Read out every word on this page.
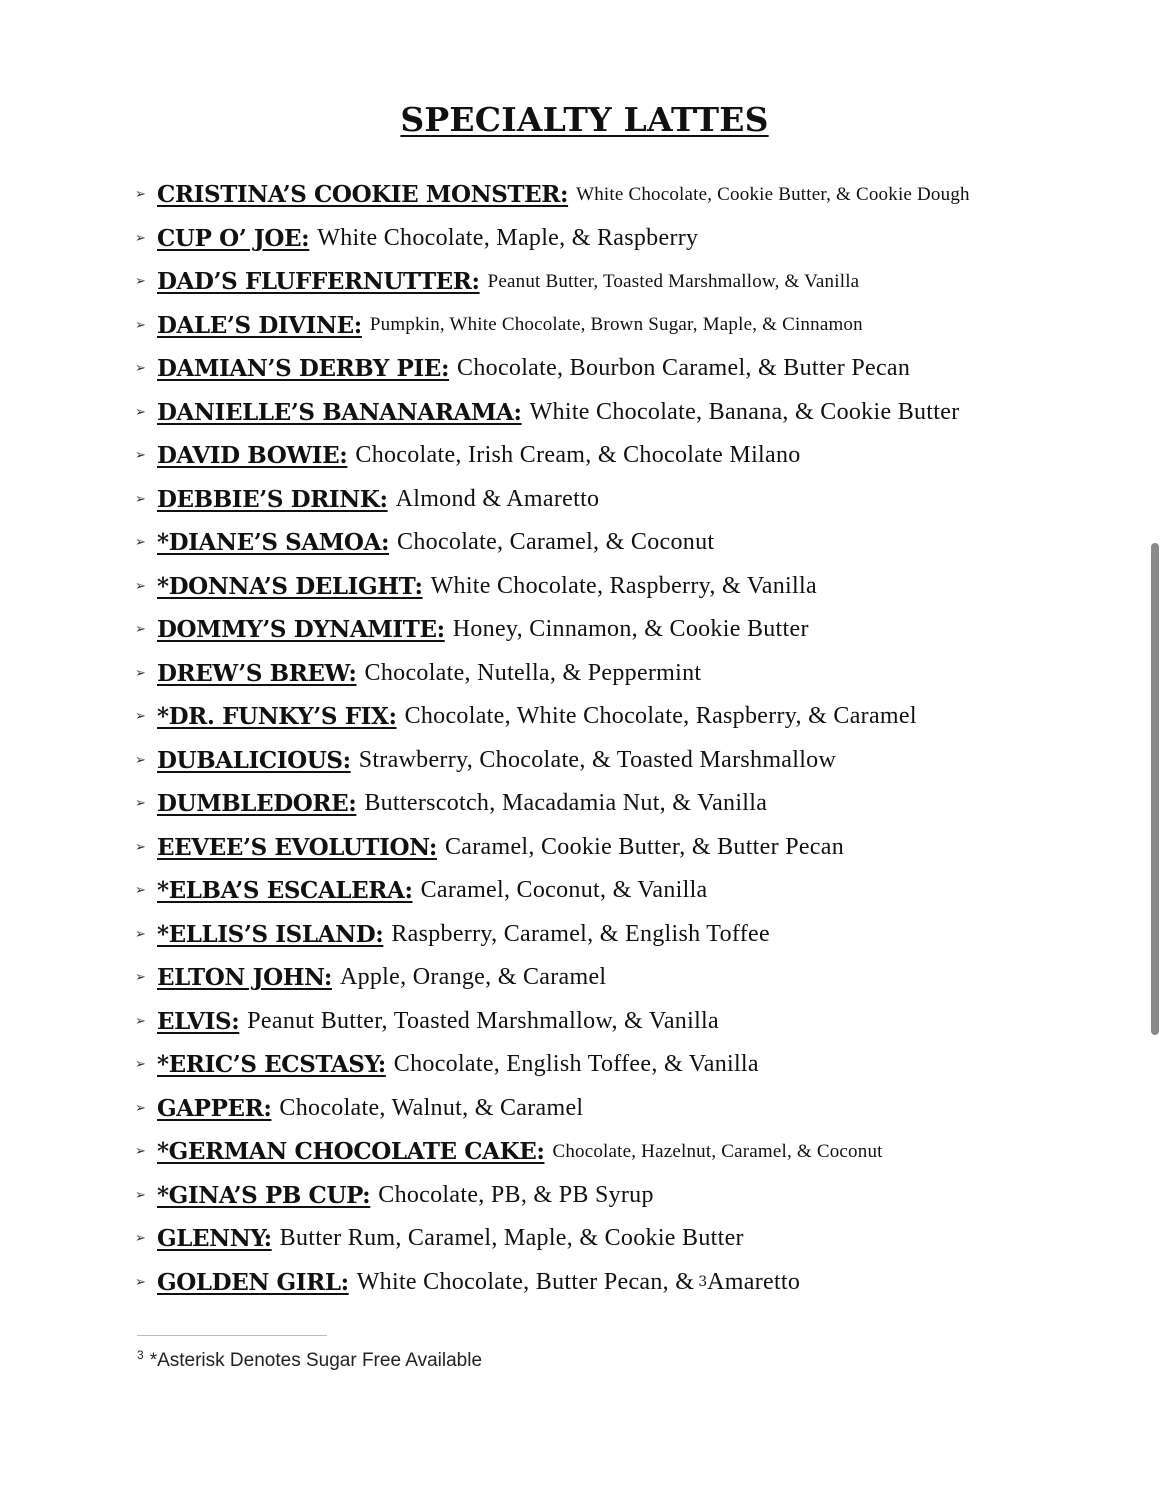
SPECIALTY LATTES
➢ CRISTINA’S COOKIE MONSTER: White Chocolate, Cookie Butter, & Cookie Dough
➢ CUP O’ JOE: White Chocolate, Maple, & Raspberry
➢ DAD’S FLUFFERNUTTER: Peanut Butter, Toasted Marshmallow, & Vanilla
➢ DALE’S DIVINE: Pumpkin, White Chocolate, Brown Sugar, Maple, & Cinnamon
➢ DAMIAN’S DERBY PIE: Chocolate, Bourbon Caramel, & Butter Pecan
➢ DANIELLE’S BANANARAMA: White Chocolate, Banana, & Cookie Butter
➢ DAVID BOWIE: Chocolate, Irish Cream, & Chocolate Milano
➢ DEBBIE’S DRINK: Almond & Amaretto
➢ *DIANE’S SAMOA: Chocolate, Caramel, & Coconut
➢ *DONNA’S DELIGHT: White Chocolate, Raspberry, & Vanilla
➢ DOMMY’S DYNAMITE: Honey, Cinnamon, & Cookie Butter
➢ DREW’S BREW: Chocolate, Nutella, & Peppermint
➢ *DR. FUNKY’S FIX: Chocolate, White Chocolate, Raspberry, & Caramel
➢ DUBALICIOUS: Strawberry, Chocolate, & Toasted Marshmallow
➢ DUMBLEDORE: Butterscotch, Macadamia Nut, & Vanilla
➢ EEVEE’S EVOLUTION: Caramel, Cookie Butter, & Butter Pecan
➢ *ELBA’S ESCALERA: Caramel, Coconut, & Vanilla
➢ *ELLIS’S ISLAND: Raspberry, Caramel, & English Toffee
➢ ELTON JOHN: Apple, Orange, & Caramel
➢ ELVIS: Peanut Butter, Toasted Marshmallow, & Vanilla
➢ *ERIC’S ECSTASY: Chocolate, English Toffee, & Vanilla
➢ GAPPER: Chocolate, Walnut, & Caramel
➢ *GERMAN CHOCOLATE CAKE: Chocolate, Hazelnut, Caramel, & Coconut
➢ *GINA’S PB CUP: Chocolate, PB, & PB Syrup
➢ GLENNY: Butter Rum, Caramel, Maple, & Cookie Butter
➢ GOLDEN GIRL: White Chocolate, Butter Pecan, & 3 Amaretto
$^3$ *Asterisk Denotes Sugar Free Available
